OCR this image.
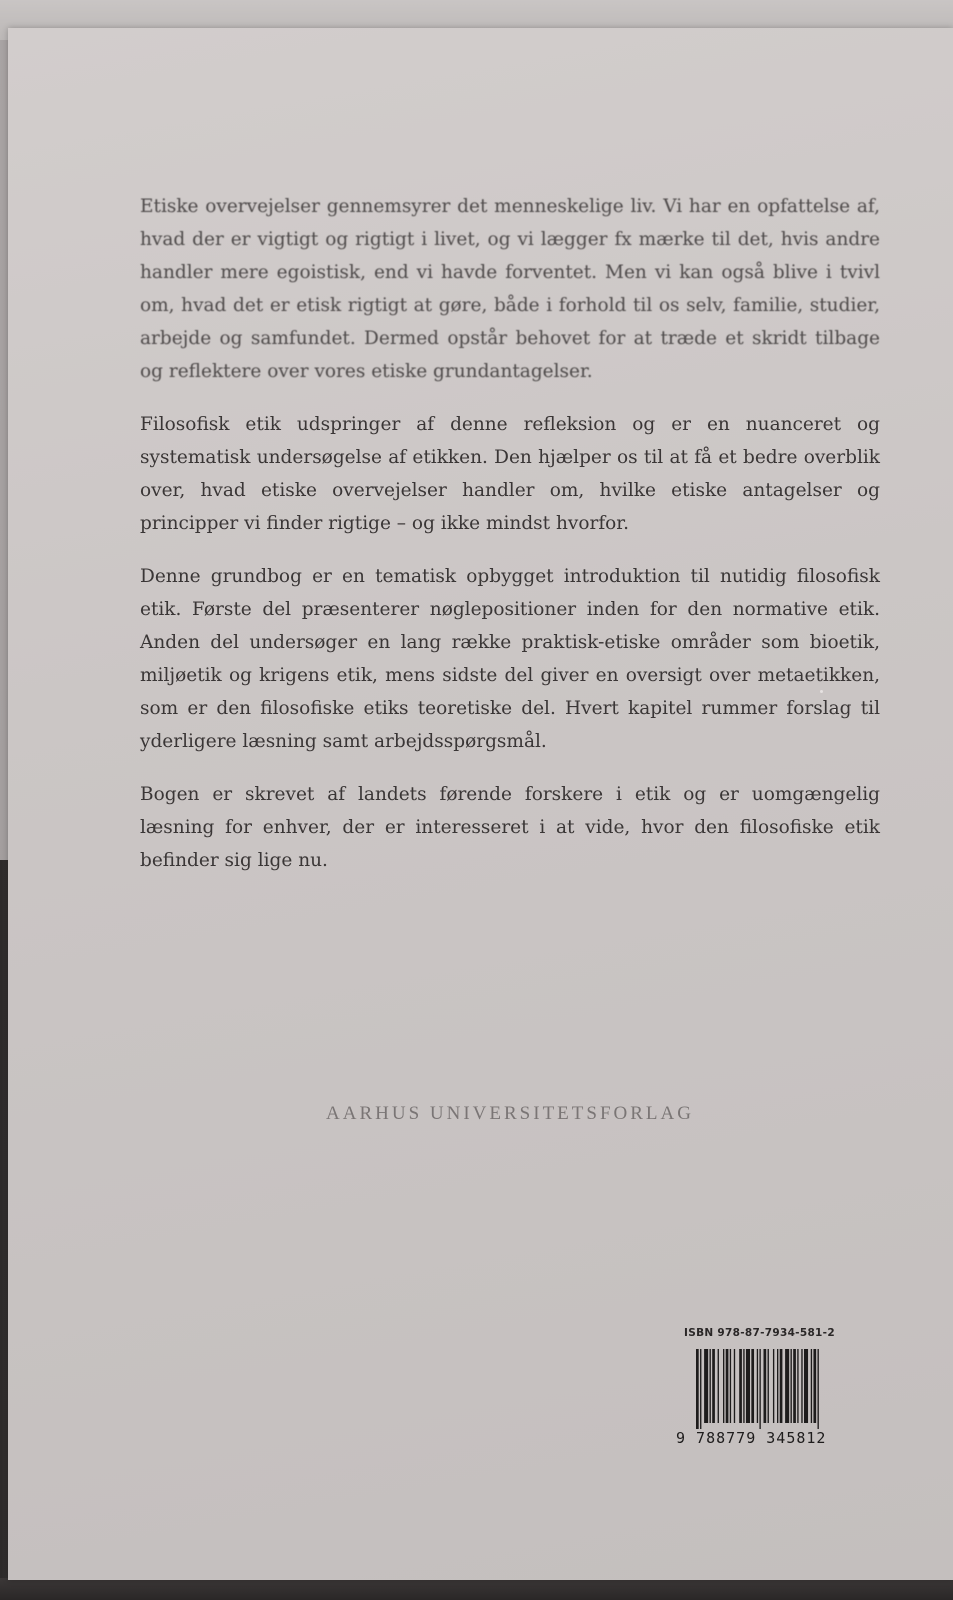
Etiske overvejelser gennemsyrer det menneskelige liv. Vi har en opfattelse af, hvad der er vigtigt og rigtigt i livet, og vi lægger fx mærke til det, hvis andre handler mere egoistisk, end vi havde forventet. Men vi kan også blive i tvivl om, hvad det er etisk rigtigt at gøre, både i forhold til os selv, familie, studier, arbejde og samfundet. Dermed opstår behovet for at træde et skridt tilbage og reflektere over vores etiske grundantagelser.

Filosofisk etik udspringer af denne refleksion og er en nuanceret og systematisk undersøgelse af etikken. Den hjælper os til at få et bedre overblik over, hvad etiske overvejelser handler om, hvilke etiske antagelser og principper vi finder rigtige – og ikke mindst hvorfor.

Denne grundbog er en tematisk opbygget introduktion til nutidig filosofisk etik. Første del præsenterer nøglepositioner inden for den normative etik. Anden del undersøger en lang række praktisk-etiske områder som bioetik, miljøetik og krigens etik, mens sidste del giver en oversigt over metaetikken, som er den filosofiske etiks teoretiske del. Hvert kapitel rummer forslag til yderligere læsning samt arbejdsspørgsmål.

Bogen er skrevet af landets førende forskere i etik og er uomgængelig læsning for enhver, der er interesseret i at vide, hvor den filosofiske etik befinder sig lige nu.

AARHUS UNIVERSITETSFORLAG
ISBN 978-87-7934-581-2
9 788779 345812
